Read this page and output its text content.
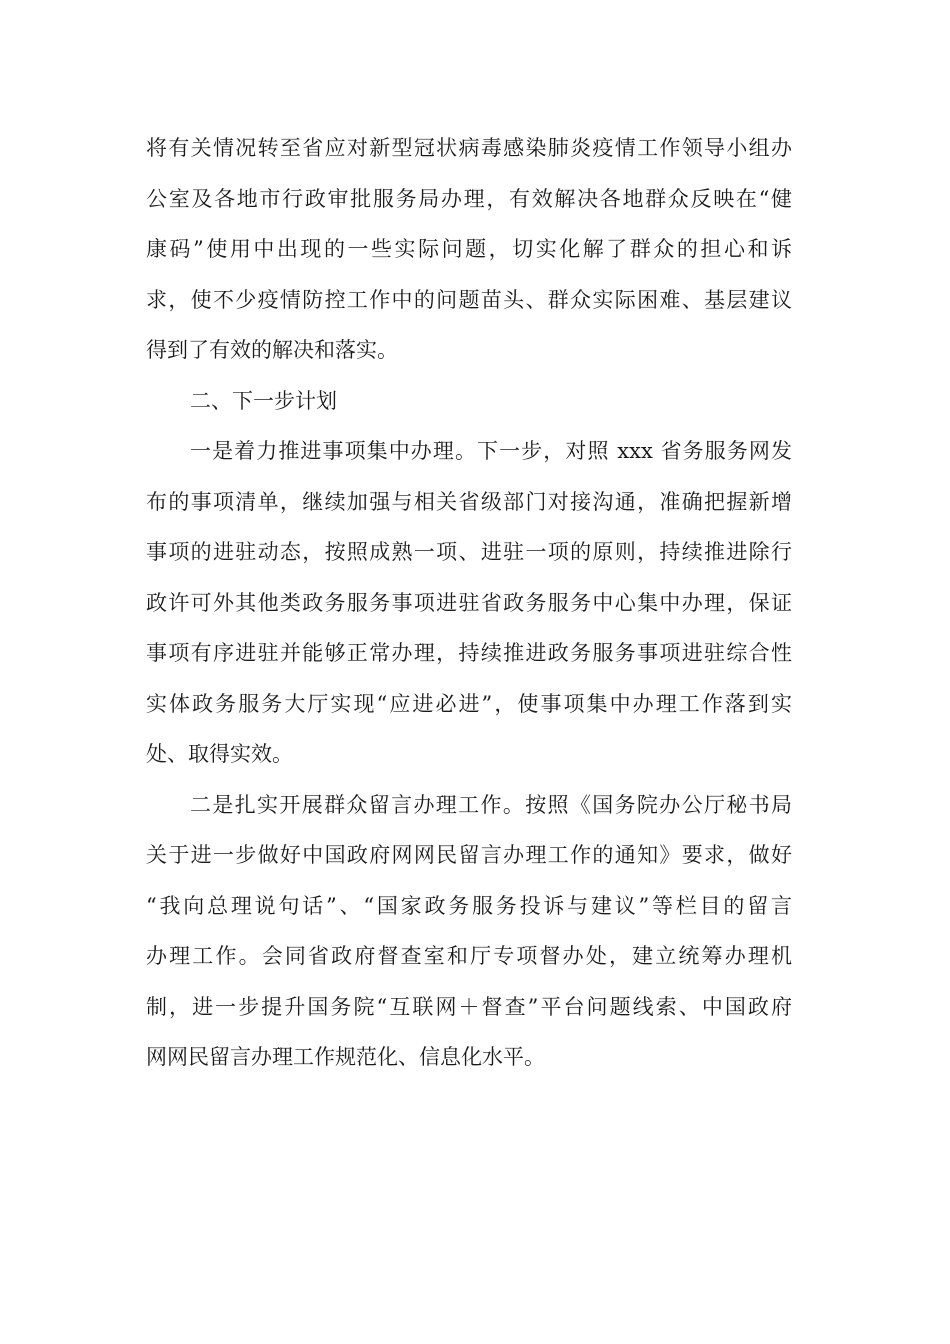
将有关情况转至省应对新型冠状病毒感染肺炎疫情工作领导小组办
公室及各地市行政审批服务局办理，有效解决各地群众反映在“健
康码”使用中出现的一些实际问题，切实化解了群众的担心和诉
求，使不少疫情防控工作中的问题苗头、群众实际困难、基层建议
得到了有效的解决和落实。
二、下一步计划
一是着力推进事项集中办理。下一步，对照 xxx 省务服务网发
布的事项清单，继续加强与相关省级部门对接沟通，准确把握新增
事项的进驻动态，按照成熟一项、进驻一项的原则，持续推进除行
政许可外其他类政务服务事项进驻省政务服务中心集中办理，保证
事项有序进驻并能够正常办理，持续推进政务服务事项进驻综合性
实体政务服务大厅实现“应进必进”，使事项集中办理工作落到实
处、取得实效。
二是扎实开展群众留言办理工作。按照《国务院办公厅秘书局
关于进一步做好中国政府网网民留言办理工作的通知》要求，做好
“我向总理说句话”、“国家政务服务投诉与建议”等栏目的留言
办理工作。会同省政府督查室和厅专项督办处，建立统筹办理机
制，进一步提升国务院“互联网＋督查”平台问题线索、中国政府
网网民留言办理工作规范化、信息化水平。
